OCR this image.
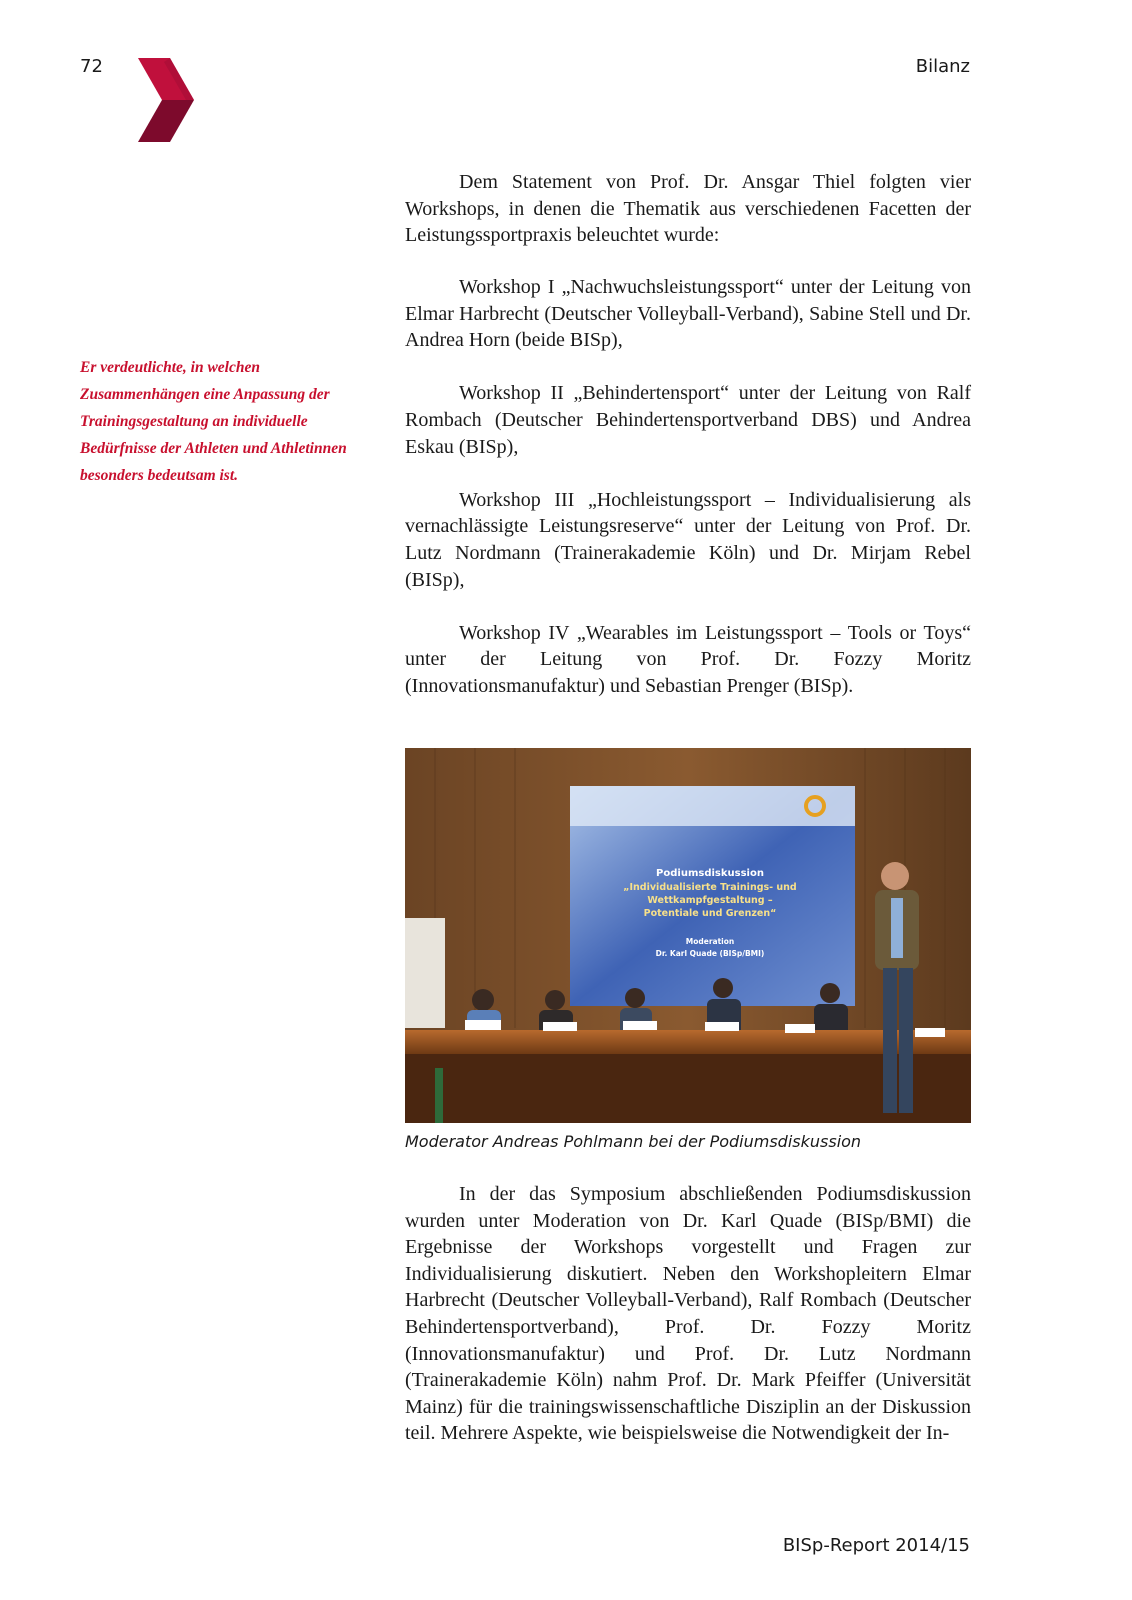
72	Bilanz

Er verdeutlichte, in welchen Zusammenhängen eine Anpassung der Trainingsgestaltung an individuelle Bedürfnisse der Athleten und Athletinnen besonders bedeutsam ist.

Dem Statement von Prof. Dr. Ansgar Thiel folgten vier Workshops, in denen die Thematik aus verschiedenen Facetten der Leistungssportpraxis beleuchtet wurde:

Workshop I „Nachwuchsleistungssport“ unter der Leitung von Elmar Harbrecht (Deutscher Volleyball-Verband), Sabine Stell und Dr. Andrea Horn (beide BISp),

Workshop II „Behindertensport“ unter der Leitung von Ralf Rombach (Deutscher Behindertensportverband DBS) und Andrea Eskau (BISp),

Workshop III „Hochleistungssport – Individualisierung als vernachlässigte Leistungsreserve“ unter der Leitung von Prof. Dr. Lutz Nordmann (Trainerakademie Köln) und Dr. Mirjam Rebel (BISp),

Workshop IV „Wearables im Leistungssport – Tools or Toys“ unter der Leitung von Prof. Dr. Fozzy Moritz (Innovationsmanufaktur) und Sebastian Prenger (BISp).

Podiumsdiskussion
„Individualisierte Trainings- und
Wettkampfgestaltung –
Potentiale und Grenzen“
Moderation
Dr. Karl Quade (BISp/BMI)
Moderator Andreas Pohlmann bei der Podiumsdiskussion

In der das Symposium abschließenden Podiumsdiskussion wurden unter Moderation von Dr. Karl Quade (BISp/BMI) die Ergebnisse der Workshops vorgestellt und Fragen zur Individualisierung diskutiert. Neben den Workshopleitern Elmar Harbrecht (Deutscher Volleyball-Verband), Ralf Rombach (Deutscher Behindertensportverband), Prof. Dr. Fozzy Moritz (Innovationsmanufaktur) und Prof. Dr. Lutz Nordmann (Trainerakademie Köln) nahm Prof. Dr. Mark Pfeiffer (Universität Mainz) für die trainingswissenschaftliche Disziplin an der Diskussion teil. Mehrere Aspekte, wie beispielsweise die Notwendigkeit der In-

BISp-Report 2014/15
